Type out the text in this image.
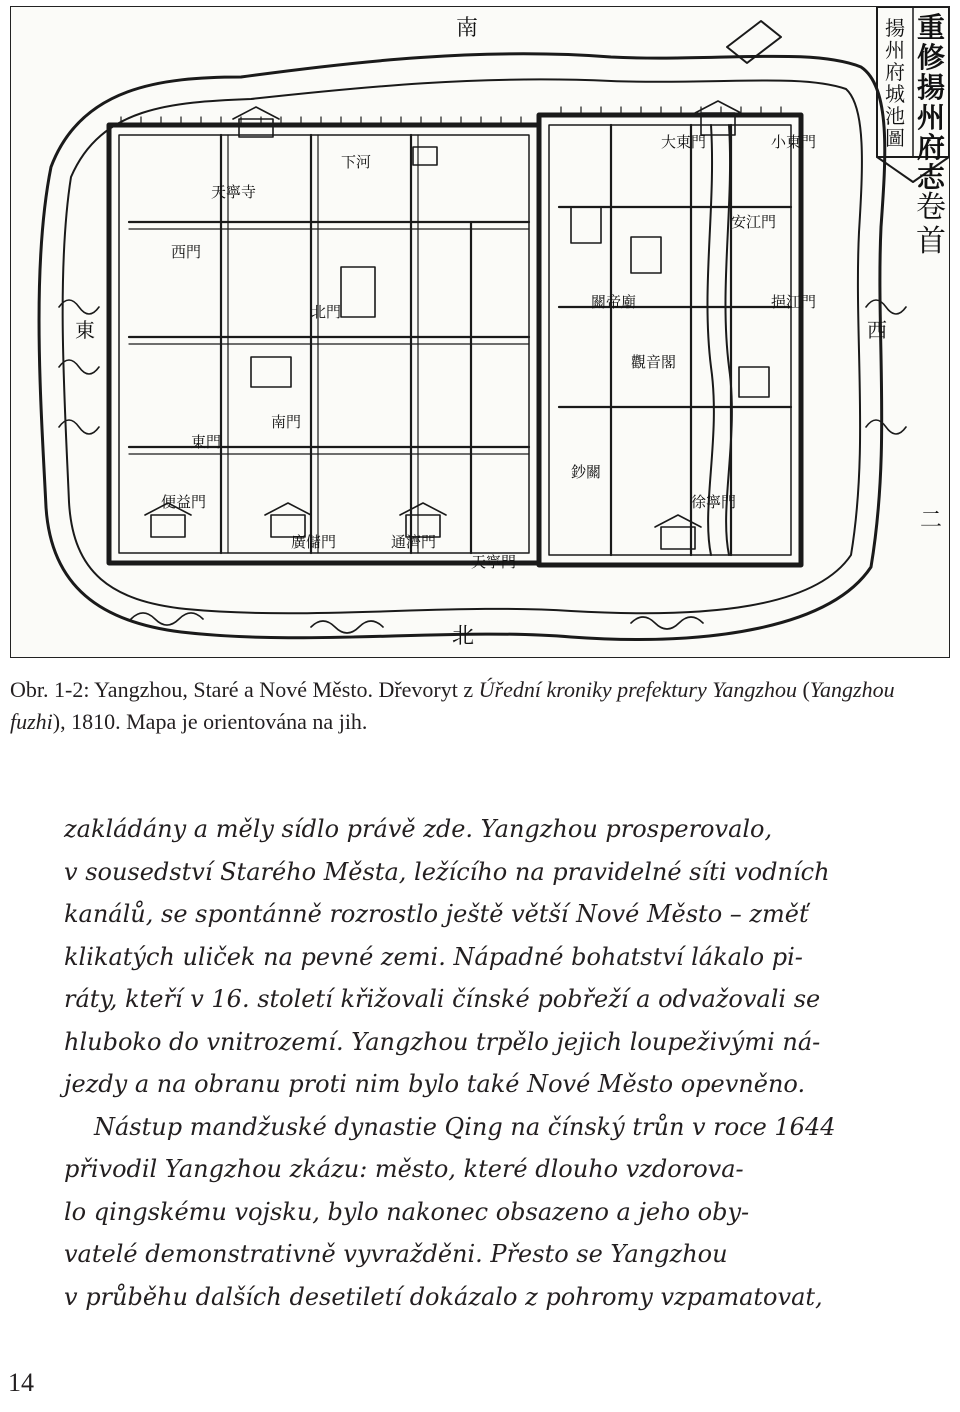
重修揚州府志
揚州府城池圖
卷首
二
南
北
東	西
天寧寺
下河
西門
東門
北門
南門
關帝廟
觀音閣
鈔關
大東門	小東門
挹江門
便益門
廣儲門	通濟門
徐寧門
安江門
天寧門

Obr. 1-2: Yangzhou, Staré a Nové Město. Dřevoryt z Úřední kroniky prefektury Yangzhou (Yangzhou fuzhi), 1810. Mapa je orientována na jih.

zakládány a měly sídlo právě zde. Yangzhou prosperovalo,
v sousedství Starého Města, ležícího na pravidelné síti vodních
kanálů, se spontánně rozrostlo ještě větší Nové Město – změť
klikatých uliček na pevné zemi. Nápadné bohatství lákalo pi-
ráty, kteří v 16. století křižovali čínské pobřeží a odvažovali se
hluboko do vnitrozemí. Yangzhou trpělo jejich loupeživými ná-
jezdy a na obranu proti nim bylo také Nové Město opevněno.
Nástup mandžuské dynastie Qing na čínský trůn v roce 1644
přivodil Yangzhou zkázu: město, které dlouho vzdorova-
lo qingskému vojsku, bylo nakonec obsazeno a jeho oby-
vatelé demonstrativně vyvražděni. Přesto se Yangzhou
v průběhu dalších desetiletí dokázalo z pohromy vzpamatovat,
14
